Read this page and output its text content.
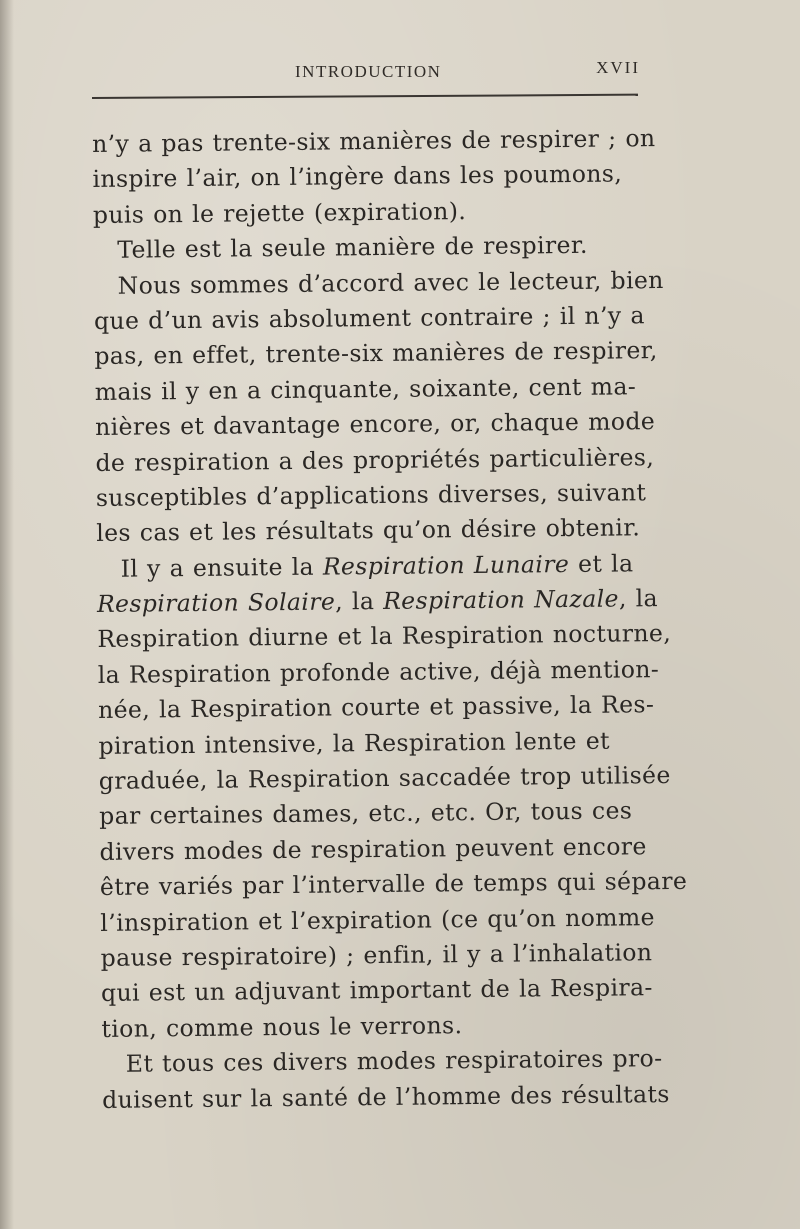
INTRODUCTION	XVII
n’y a pas trente-six manières de respirer ; on
inspire l’air, on l’ingère dans les poumons,
puis on le rejette (expiration).
Telle est la seule manière de respirer.
Nous sommes d’accord avec le lecteur, bien
que d’un avis absolument contraire ; il n’y a
pas, en effet, trente-six manières de respirer,
mais il y en a cinquante, soixante, cent ma-
nières et davantage encore, or, chaque mode
de respiration a des propriétés particulières,
susceptibles d’applications diverses, suivant
les cas et les résultats qu’on désire obtenir.
Il y a ensuite la Respiration Lunaire et la
Respiration Solaire, la Respiration Nazale, la
Respiration diurne et la Respiration nocturne,
la Respiration profonde active, déjà mention-
née, la Respiration courte et passive, la Res-
piration intensive, la Respiration lente et
graduée, la Respiration saccadée trop utilisée
par certaines dames, etc., etc. Or, tous ces
divers modes de respiration peuvent encore
être variés par l’intervalle de temps qui sépare
l’inspiration et l’expiration (ce qu’on nomme
pause respiratoire) ; enfin, il y a l’inhalation
qui est un adjuvant important de la Respira-
tion, comme nous le verrons.
Et tous ces divers modes respiratoires pro-
duisent sur la santé de l’homme des résultats
